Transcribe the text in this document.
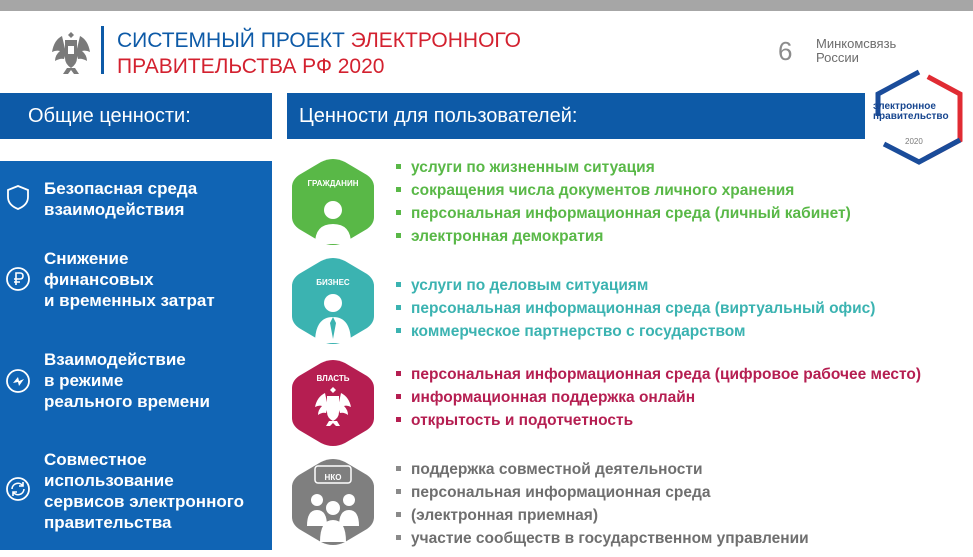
СИСТЕМНЫЙ ПРОЕКТ ЭЛЕКТРОННОГО
ПРАВИТЕЛЬСТВА РФ 2020
6 Минкомсвязь
России
электронное правительство
2020
Общие ценности:	Ценности для пользователей:
Безопасная среда
взаимодействия
Снижение
финансовых
и временных затрат
Взаимодействие
в режиме
реального времени
Совместное
использование
сервисов электронного
правительства
ГРАЖДАНИН
БИЗНЕС
ВЛАСТЬ
НКО
услуги по жизненным ситуация
сокращения числа документов личного хранения
персональная информационная среда (личный кабинет)
электронная демократия
услуги по деловым ситуациям
персональная информационная среда (виртуальный офис)
коммерческое партнерство с государством
персональная информационная среда (цифровое рабочее место)
информационная поддержка онлайн
открытость и подотчетность
поддержка совместной деятельности
персональная информационная среда
(электронная приемная)
участие сообществ в государственном управлении
